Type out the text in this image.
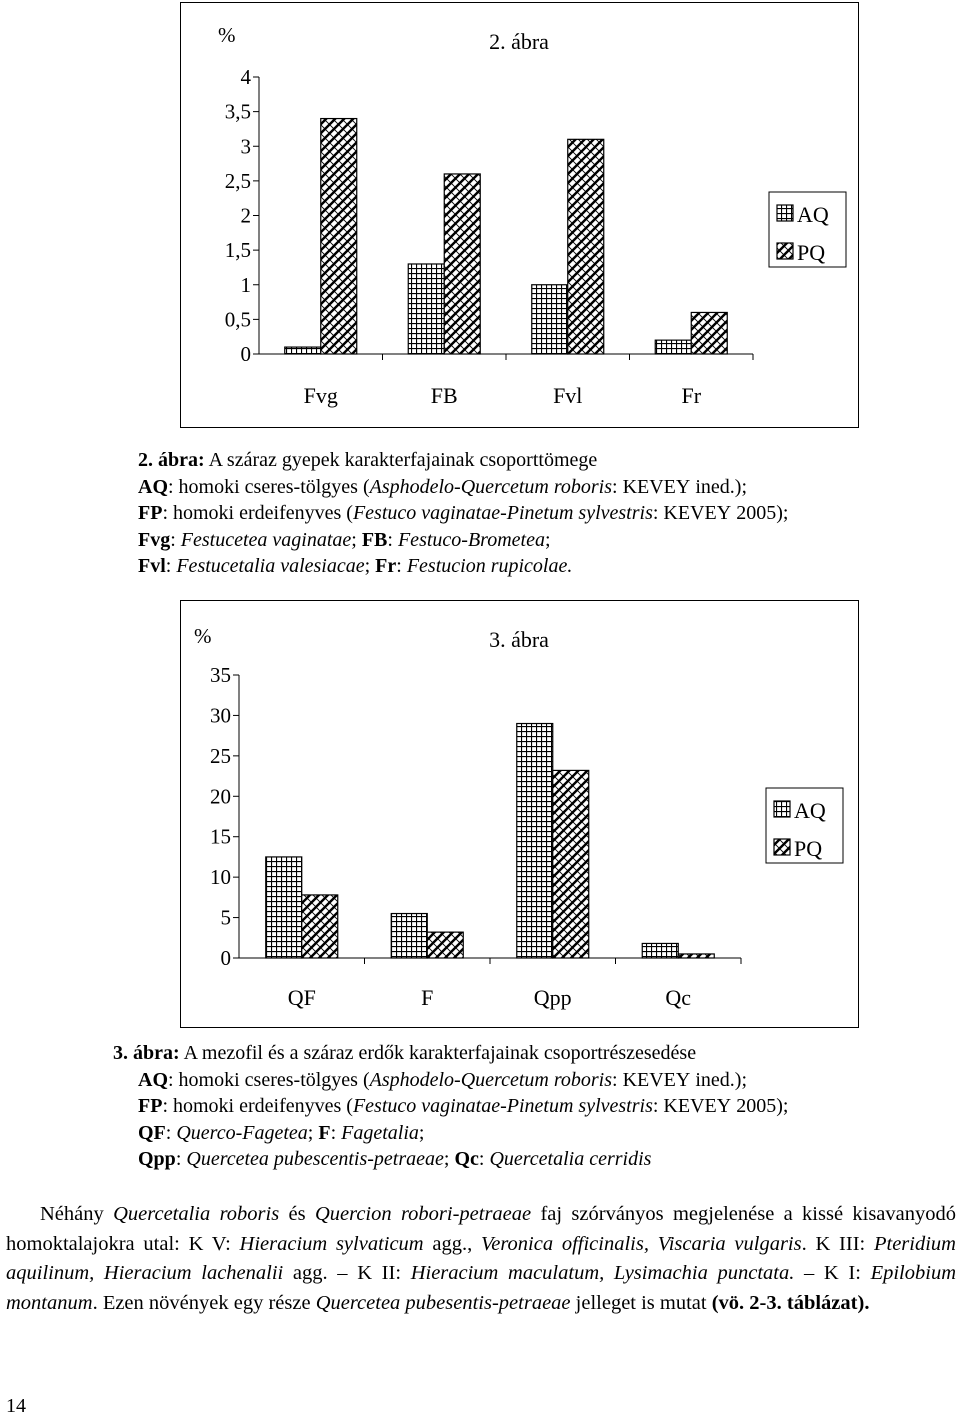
0
0,5
1
1,5
2
2,5
3
3,5
4
%	2. ábra
Fvg	FB	Fvl	Fr
AQ
PQ
2. ábra: A száraz gyepek karakterfajainak csoporttömege
AQ: homoki cseres-tölgyes (Asphodelo-Quercetum roboris: KEVEY ined.);
FP: homoki erdeifenyves (Festuco vaginatae-Pinetum sylvestris: KEVEY 2005);
Fvg: Festucetea vaginatae; FB: Festuco-Brometea;
Fvl: Festucetalia valesiacae; Fr: Festucion rupicolae.
0
5
10
15
20
25
30
35
%	3. ábra
QF	F	Qpp	Qc
AQ
PQ
3. ábra: A mezofil és a száraz erdők karakterfajainak csoportrészesedése
AQ: homoki cseres-tölgyes (Asphodelo-Quercetum roboris: KEVEY ined.);
FP: homoki erdeifenyves (Festuco vaginatae-Pinetum sylvestris: KEVEY 2005);
QF: Querco-Fagetea; F: Fagetalia;
Qpp: Quercetea pubescentis-petraeae; Qc: Quercetalia cerridis
Néhány Quercetalia roboris és Quercion robori-petraeae faj szórványos megjelenése a kissé kisavanyodó homoktalajokra utal: K V: Hieracium sylvaticum agg., Veronica officinalis, Viscaria vulgaris. K III: Pteridium aquilinum, Hieracium lachenalii agg. – K II: Hieracium maculatum, Lysimachia punctata. – K I: Epilobium montanum. Ezen növények egy része Quercetea pubesentis-petraeae jelleget is mutat (vö. 2-3. táblázat).
14
